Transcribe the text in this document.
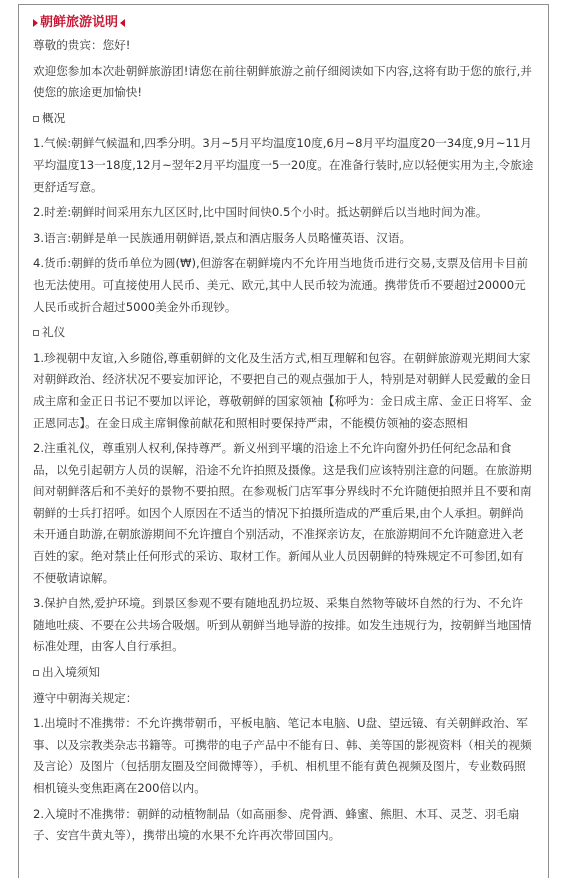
朝鲜旅游说明

尊敬的贵宾：您好!

欢迎您参加本次赴朝鲜旅游团!请您在前往朝鲜旅游之前仔细阅读如下内容,这将有助于您的旅行,并使您的旅途更加愉快!

概况

1.气候:朝鲜气候温和,四季分明。3月~5月平均温度10度,6月~8月平均温度20一34度,9月~11月平均温度13一18度,12月~翌年2月平均温度一5一20度。在准备行装时,应以轻便实用为主,令旅途更舒适写意。

2.时差:朝鲜时间采用东九区区时,比中国时间快0.5个小时。抵达朝鲜后以当地时间为准。

3.语言:朝鲜是单一民族通用朝鲜语,景点和酒店服务人员略懂英语、汉语。

4.货币:朝鲜的货币单位为圆(₩),但游客在朝鲜境内不允许用当地货币进行交易,支票及信用卡目前也无法使用。可直接使用人民币、美元、欧元,其中人民币较为流通。携带货币不要超过20000元人民币或折合超过5000美金外币现钞。

礼仪

1.珍视朝中友谊,入乡随俗,尊重朝鲜的文化及生活方式,相互理解和包容。在朝鲜旅游观光期间大家对朝鲜政治、经济状况不要妄加评论，不要把自己的观点强加于人，特别是对朝鲜人民爱戴的金日成主席和金正日书记不要加以评论，尊敬朝鲜的国家领袖【称呼为：金日成主席、金正日将军、金正恩同志】。在金日成主席铜像前献花和照相时要保持严肃，不能模仿领袖的姿态照相

2.注重礼仪，尊重别人权利,保持尊严。新义州到平壤的沿途上不允许向窗外扔任何纪念品和食品，以免引起朝方人员的误解，沿途不允许拍照及摄像。这是我们应该特别注意的问题。在旅游期间对朝鲜落后和不美好的景物不要拍照。在参观板门店军事分界线时不允许随便拍照并且不要和南朝鲜的士兵打招呼。如因个人原因在不适当的情况下拍摄所造成的严重后果,由个人承担。朝鲜尚未开通自助游,在朝旅游期间不允许擅自个别活动，不准探亲访友，在旅游期间不允许随意进入老百姓的家。绝对禁止任何形式的采访、取材工作。新闻从业人员因朝鲜的特殊规定不可参团,如有不便敬请谅解。

3.保护自然,爱护环境。到景区参观不要有随地乱扔垃圾、采集自然物等破坏自然的行为、不允许随地吐痰、不要在公共场合吸烟。听到从朝鲜当地导游的按排。如发生违规行为，按朝鲜当地国情标准处理，由客人自行承担。

出入境须知

遵守中朝海关规定：

1.出境时不准携带：不允许携带朝币，平板电脑、笔记本电脑、U盘、望远镜、有关朝鲜政治、军事、以及宗教类杂志书籍等。可携带的电子产品中不能有日、韩、美等国的影视资料（相关的视频及言论）及图片（包括朋友圈及空间微博等），手机、相机里不能有黄色视频及图片，专业数码照相机镜头变焦距离在200倍以内。

2.入境时不准携带：朝鲜的动植物制品（如高丽参、虎骨酒、蜂蜜、熊胆、木耳、灵芝、羽毛扇子、安宫牛黄丸等），携带出境的水果不允许再次带回国内。
